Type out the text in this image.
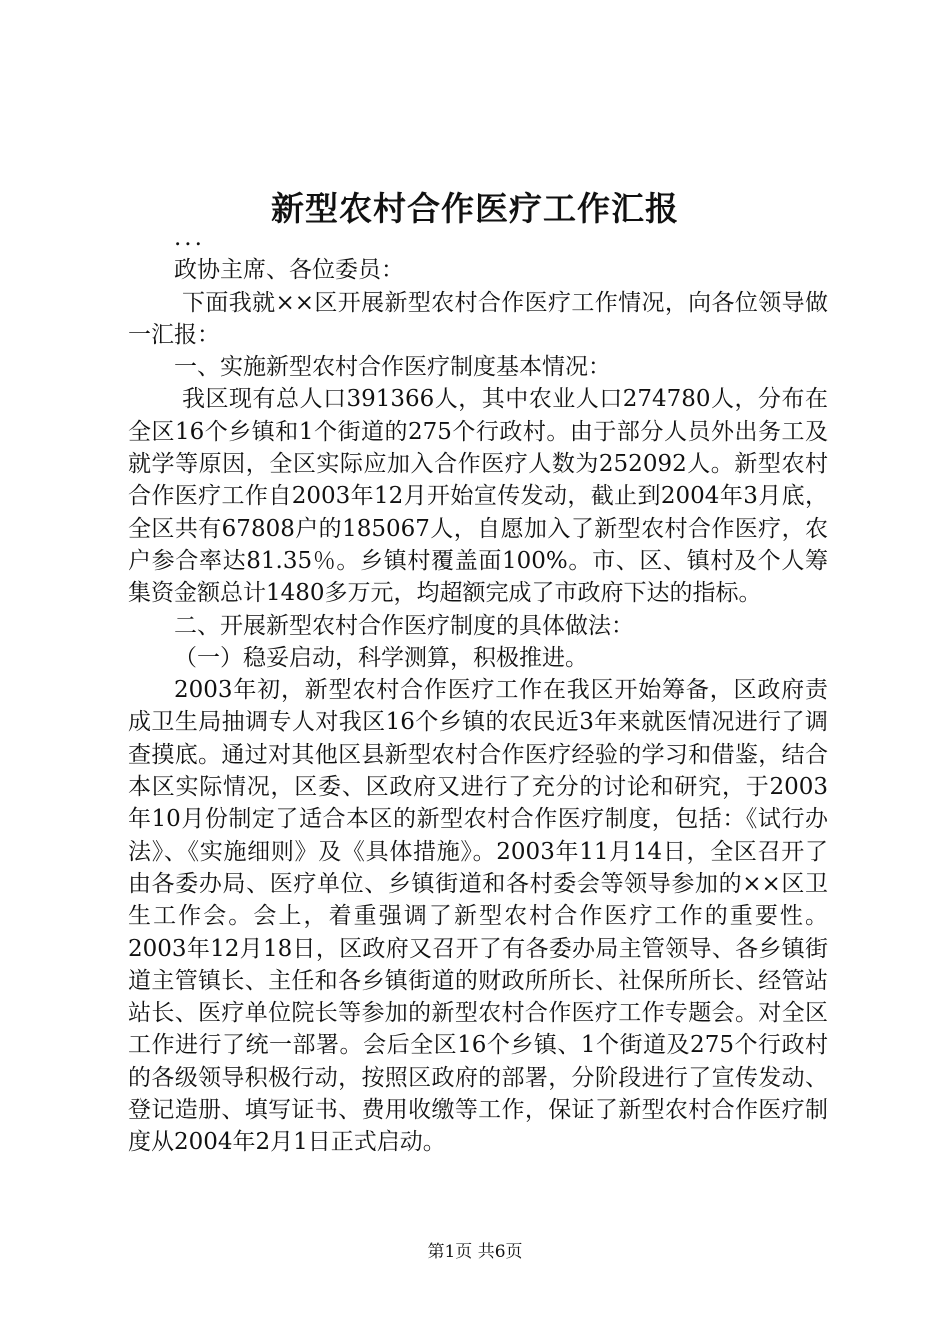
新型农村合作医疗工作汇报

...

政协主席、各位委员：

下面我就××区开展新型农村合作医疗工作情况，向各位领导做一汇报：

一、实施新型农村合作医疗制度基本情况：

我区现有总人口391366人，其中农业人口274780人，分布在全区16个乡镇和1个街道的275个行政村。由于部分人员外出务工及就学等原因，全区实际应加入合作医疗人数为252092人。新型农村合作医疗工作自2003年12月开始宣传发动，截止到2004年3月底，全区共有67808户的185067人，自愿加入了新型农村合作医疗，农户参合率达81.35％。乡镇村覆盖面100%。市、区、镇村及个人筹集资金额总计1480多万元，均超额完成了市政府下达的指标。

二、开展新型农村合作医疗制度的具体做法：

（一）稳妥启动，科学测算，积极推进。

2003年初，新型农村合作医疗工作在我区开始筹备，区政府责成卫生局抽调专人对我区16个乡镇的农民近3年来就医情况进行了调查摸底。通过对其他区县新型农村合作医疗经验的学习和借鉴，结合本区实际情况，区委、区政府又进行了充分的讨论和研究，于2003年10月份制定了适合本区的新型农村合作医疗制度，包括：《试行办法》、《实施细则》及《具体措施》。2003年11月14日，全区召开了由各委办局、医疗单位、乡镇街道和各村委会等领导参加的××区卫生工作会。会上，着重强调了新型农村合作医疗工作的重要性。2003年12月18日，区政府又召开了有各委办局主管领导、各乡镇街道主管镇长、主任和各乡镇街道的财政所所长、社保所所长、经管站站长、医疗单位院长等参加的新型农村合作医疗工作专题会。对全区工作进行了统一部署。会后全区16个乡镇、1个街道及275个行政村的各级领导积极行动，按照区政府的部署，分阶段进行了宣传发动、登记造册、填写证书、费用收缴等工作，保证了新型农村合作医疗制度从2004年2月1日正式启动。

第1页 共6页
